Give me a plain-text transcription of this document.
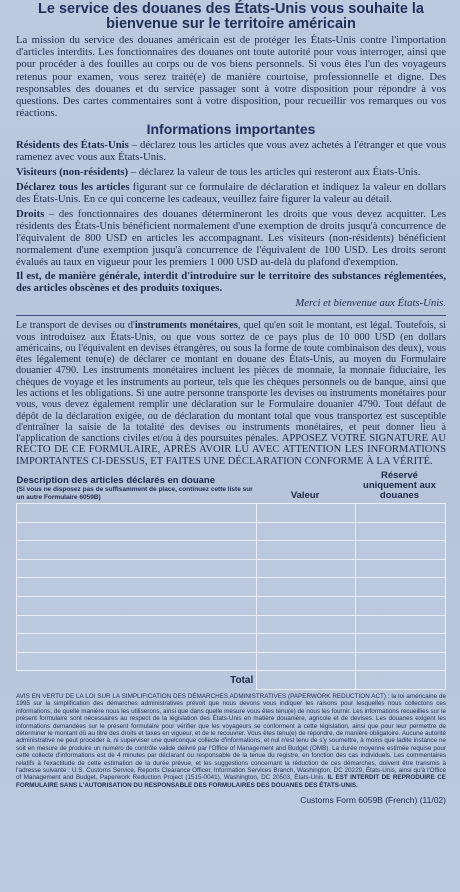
Le service des douanes des États-Unis vous souhaite la bienvenue sur le territoire américain

La mission du service des douanes américain est de protéger les États-Unis contre l'importation d'articles interdits. Les fonctionnaires des douanes ont toute autorité pour vous interroger, ainsi que pour procéder à des fouilles au corps ou de vos biens personnels. Si vous êtes l'un des voyageurs retenus pour examen, vous serez traité(e) de manière courtoise, professionnelle et digne. Des responsables des douanes et du service passager sont à votre disposition pour répondre à vos questions. Des cartes commentaires sont à votre disposition, pour recueillir vos remarques ou vos réactions.

Informations importantes

Résidents des États-Unis – déclarez tous les articles que vous avez achetés à l'étranger et que vous ramenez avec vous aux États-Unis.

Visiteurs (non-résidents) – déclarez la valeur de tous les articles qui resteront aux États-Unis.

Déclarez tous les articles figurant sur ce formulaire de déclaration et indiquez la valeur en dollars des États-Unis. En ce qui concerne les cadeaux, veuillez faire figurer la valeur au détail.

Droits – des fonctionnaires des douanes détermineront les droits que vous devez acquitter. Les résidents des États-Unis bénéficient normalement d'une exemption de droits jusqu'à concurrence de l'équivalent de 800 USD en articles les accompagnant. Les visiteurs (non-résidents) bénéficient normalement d'une exemption jusqu'à concurrence de l'équivalent de 100 USD. Les droits seront évalués au taux en vigueur pour les premiers 1 000 USD au-delà du plafond d'exemption.

Il est, de manière générale, interdit d'introduire sur le territoire des substances réglementées, des articles obscènes et des produits toxiques.

Merci et bienvenue aux États-Unis.

Le transport de devises ou d'instruments monétaires, quel qu'en soit le montant, est légal. Toutefois, si vous introduisez aux États-Unis, ou que vous sortez de ce pays plus de 10 000 USD (en dollars américains, ou l'équivalent en devises étrangères, ou sous la forme de toute combinaison des deux), vous êtes légalement tenu(e) de déclarer ce montant en douane des États-Unis, au moyen du Formulaire douanier 4790. Les instruments monétaires incluent les pièces de monnaie, la monnaie fiduciaire, les chèques de voyage et les instruments au porteur, tels que les chèques personnels ou de banque, ainsi que les actions et les obligations. Si une autre personne transporte les devises ou instruments monétaires pour vous, vous devez également remplir une déclaration sur le Formulaire douanier 4790. Tout défaut de dépôt de la déclaration exigée, ou de déclaration du montant total que vous transportez est susceptible d'entraîner la saisie de la totalité des devises ou instruments monétaires, et peut donner lieu à l'application de sanctions civiles et/ou à des poursuites pénales. APPOSEZ VOTRE SIGNATURE AU RECTO DE CE FORMULAIRE, APRÈS AVOIR LU AVEC ATTENTION LES INFORMATIONS IMPORTANTES CI-DESSUS, ET FAITES UNE DÉCLARATION CONFORME À LA VÉRITÉ.

Description des articles déclarés en douane
(Si vous ne disposez pas de suffisamment de place, continuez cette liste sur un autre Formulaire 6059B)	Valeur	Réservé uniquement aux douanes

Total		

AVIS EN VERTU DE LA LOI SUR LA SIMPLIFICATION DES DÉMARCHES ADMINISTRATIVES (PAPERWORK REDUCTION ACT) : la loi américaine de 1995 sur la simplification des démarches administratives prévoit que nous devons vous indiquer les raisons pour lesquelles nous collectons ces informations, de quelle manière nous les utiliserons, ainsi que dans quelle mesure vous êtes tenu(e) de nous les fournir. Les informations recueillies sur le présent formulaire sont nécessaires au respect de la législation des États-Unis en matière douanière, agricole et de devises. Les douanes exigent les informations demandées sur le présent formulaire pour vérifier que les voyageurs se conforment à cette législation, ainsi que pour leur permettre de déterminer le montant dû au titre des droits et taxes en vigueur, et de le recouvrer. Vous êtes tenu(e) de répondre, de manière obligatoire. Aucune autorité administrative ne peut procéder à, ni superviser une quelconque collecte d'informations, et nul n'est tenu de s'y soumettre, à moins que ladite instance ne soit en mesure de produire un numéro de contrôle valide délivré par l'Office of Management and Budget (OMB). La durée moyenne estimée requise pour cette collecte d'informations est de 4 minutes par déclarant ou responsable de la tenue du registre, en fonction des cas individuels. Les commentaires relatifs à l'exactitude de cette estimation de la durée prévue, et les suggestions concernant la réduction de ces démarches, doivent être transmis à l'adresse suivante : U.S. Customs Service, Reports Clearance Officer, Information Services Branch, Washington, DC 20229, États-Unis, ainsi qu'à l'Office of Management and Budget, Paperwork Reduction Project (1515-0041), Washington, DC 20503, États-Unis. IL EST INTERDIT DE REPRODUIRE CE FORMULAIRE SANS L'AUTORISATION DU RESPONSABLE DES FORMULAIRES DES DOUANES DES ÉTATS-UNIS.

Customs Form 6059B (French) (11/02)
